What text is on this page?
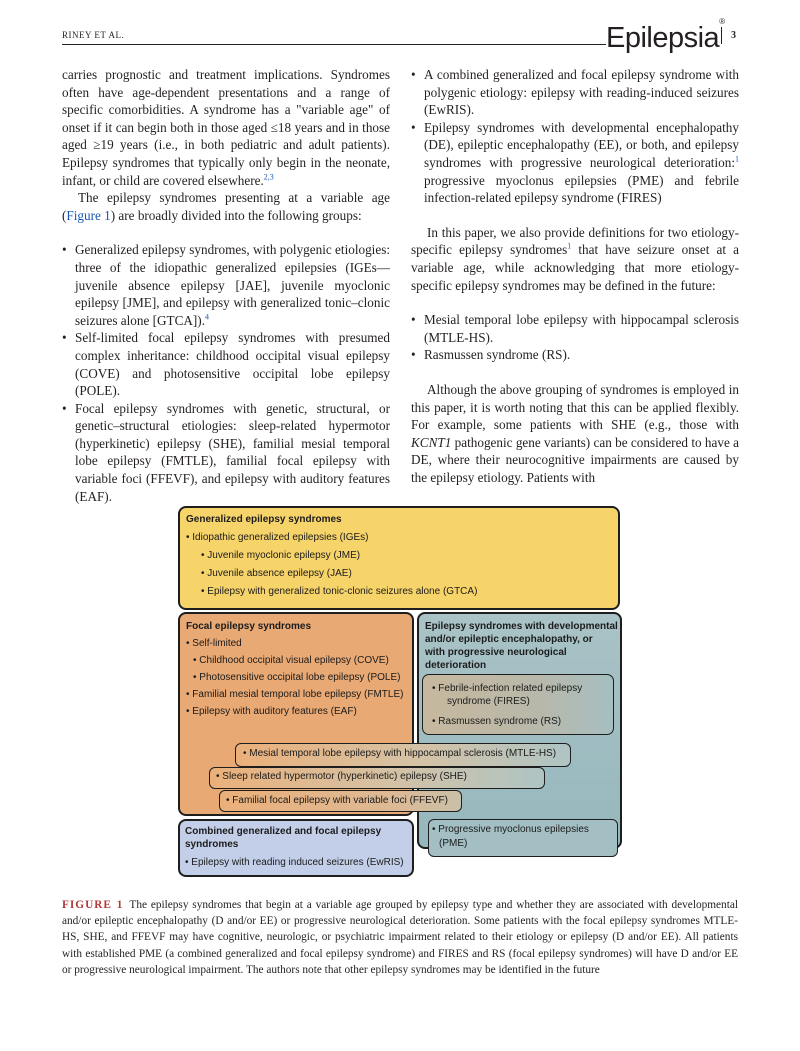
RINEY ET AL.	Epilepsia®
3

carries prognostic and treatment implications. Syndromes often have age-dependent presentations and a range of specific comorbidities. A syndrome has a "variable age" of onset if it can begin both in those aged ≤18 years and in those aged ≥19 years (i.e., in both pediatric and adult patients). Epilepsy syndromes that typically only begin in the neonate, infant, or child are covered elsewhere.$^{2,3}$

The epilepsy syndromes presenting at a variable age (Figure 1) are broadly divided into the following groups:

• Generalized epilepsy syndromes, with polygenic etiologies: three of the idiopathic generalized epilepsies (IGEs—juvenile absence epilepsy [JAE], juvenile myoclonic epilepsy [JME], and epilepsy with generalized tonic–clonic seizures alone [GTCA]).$^4$
• Self-limited focal epilepsy syndromes with presumed complex inheritance: childhood occipital visual epilepsy (COVE) and photosensitive occipital lobe epilepsy (POLE).
• Focal epilepsy syndromes with genetic, structural, or genetic–structural etiologies: sleep-related hypermotor (hyperkinetic) epilepsy (SHE), familial mesial temporal lobe epilepsy (FMTLE), familial focal epilepsy with variable foci (FFEVF), and epilepsy with auditory features (EAF).
• A combined generalized and focal epilepsy syndrome with polygenic etiology: epilepsy with reading-induced seizures (EwRIS).
• Epilepsy syndromes with developmental encephalopathy (DE), epileptic encephalopathy (EE), or both, and epilepsy syndromes with progressive neurological deterioration:$^1$ progressive myoclonus epilepsies (PME) and febrile infection-related epilepsy syndrome (FIRES)

In this paper, we also provide definitions for two etiology-specific epilepsy syndromes$^1$ that have seizure onset at a variable age, while acknowledging that more etiology-specific epilepsy syndromes may be defined in the future:

• Mesial temporal lobe epilepsy with hippocampal sclerosis (MTLE-HS).
• Rasmussen syndrome (RS).

Although the above grouping of syndromes is employed in this paper, it is worth noting that this can be applied flexibly. For example, some patients with SHE (e.g., those with KCNT1 pathogenic gene variants) can be considered to have a DE, where their neurocognitive impairments are caused by the epilepsy etiology. Patients with

Generalized epilepsy syndromes
• Idiopathic generalized epilepsies (IGEs)
• Juvenile myoclonic epilepsy (JME)
• Juvenile absence epilepsy (JAE)
• Epilepsy with generalized tonic-clonic seizures alone (GTCA)
Focal epilepsy syndromes
• Self-limited
• Childhood occipital visual epilepsy (COVE)
• Photosensitive occipital lobe epilepsy (POLE)
• Familial mesial temporal lobe epilepsy (FMTLE)
• Epilepsy with auditory features (EAF)
Epilepsy syndromes with developmental
and/or epileptic encephalopathy, or
with progressive neurological
deterioration
• Febrile-infection related epilepsy
syndrome (FIRES)
• Rasmussen syndrome (RS)
• Progressive myoclonus epilepsies
(PME)
• Mesial temporal lobe epilepsy with hippocampal sclerosis (MTLE-HS)
• Sleep related hypermotor (hyperkinetic) epilepsy (SHE)
• Familial focal epilepsy with variable foci (FFEVF)
Combined generalized and focal epilepsy
syndromes
• Epilepsy with reading induced seizures (EwRIS)
FIGURE 1 The epilepsy syndromes that begin at a variable age grouped by epilepsy type and whether they are associated with developmental and/or epileptic encephalopathy (D and/or EE) or progressive neurological deterioration. Some patients with the focal epilepsy syndromes MTLE-HS, SHE, and FFEVF may have cognitive, neurologic, or psychiatric impairment related to their etiology or epilepsy (D and/or EE). All patients with established PME (a combined generalized and focal epilepsy syndrome) and FIRES and RS (focal epilepsy syndromes) will have D and/or EE or progressive neurological impairment. The authors note that other epilepsy syndromes may be identified in the future
